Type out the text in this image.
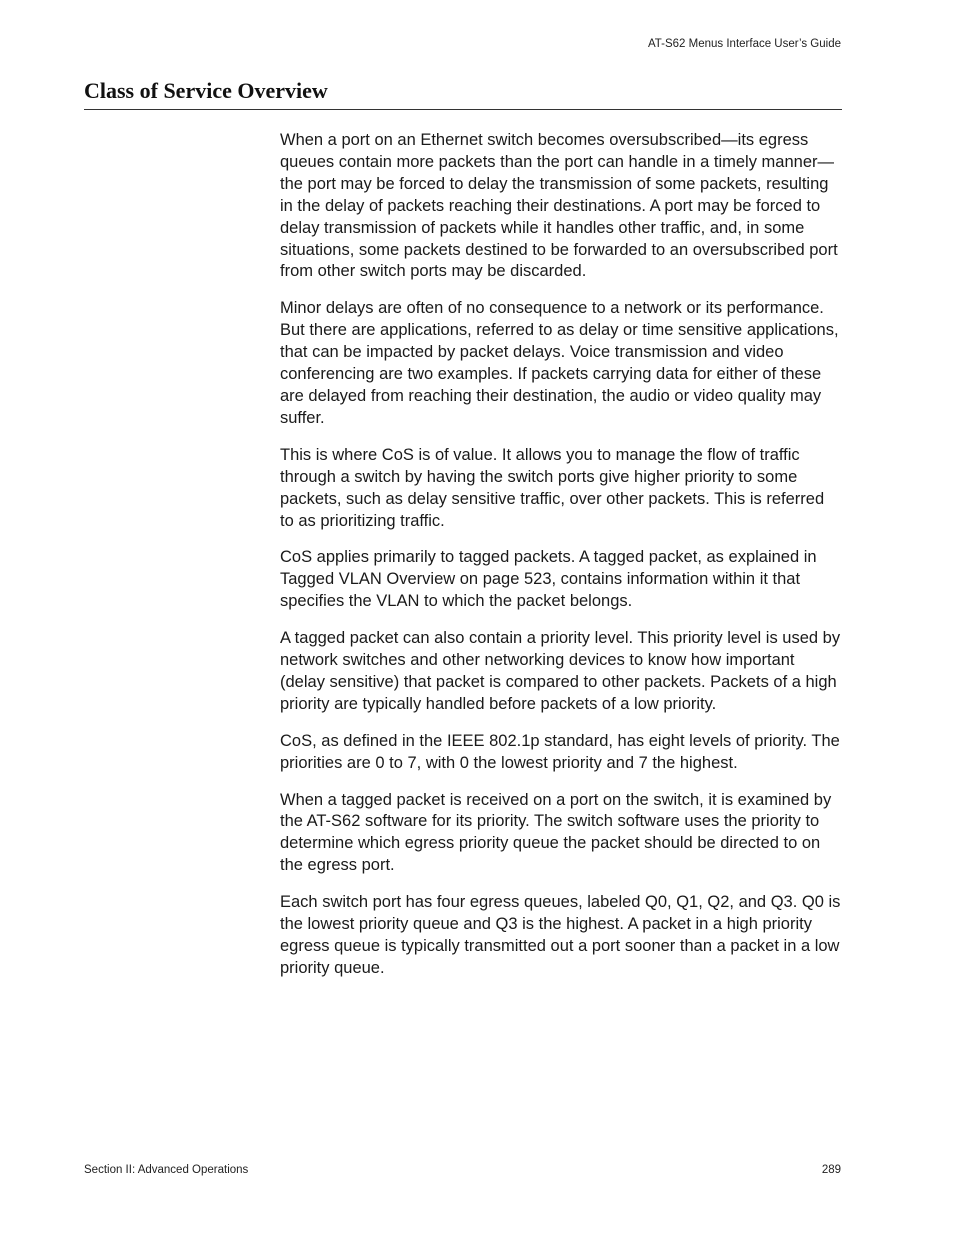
AT-S62 Menus Interface User’s Guide
Class of Service Overview

When a port on an Ethernet switch becomes oversubscribed—its egress queues contain more packets than the port can handle in a timely manner—the port may be forced to delay the transmission of some packets, resulting in the delay of packets reaching their destinations. A port may be forced to delay transmission of packets while it handles other traffic, and, in some situations, some packets destined to be forwarded to an oversubscribed port from other switch ports may be discarded.

Minor delays are often of no consequence to a network or its performance. But there are applications, referred to as delay or time sensitive applications, that can be impacted by packet delays. Voice transmission and video conferencing are two examples. If packets carrying data for either of these are delayed from reaching their destination, the audio or video quality may suffer.

This is where CoS is of value. It allows you to manage the flow of traffic through a switch by having the switch ports give higher priority to some packets, such as delay sensitive traffic, over other packets. This is referred to as prioritizing traffic.

CoS applies primarily to tagged packets. A tagged packet, as explained in Tagged VLAN Overview on page 523, contains information within it that specifies the VLAN to which the packet belongs.

A tagged packet can also contain a priority level. This priority level is used by network switches and other networking devices to know how important (delay sensitive) that packet is compared to other packets. Packets of a high priority are typically handled before packets of a low priority.

CoS, as defined in the IEEE 802.1p standard, has eight levels of priority. The priorities are 0 to 7, with 0 the lowest priority and 7 the highest.

When a tagged packet is received on a port on the switch, it is examined by the AT-S62 software for its priority. The switch software uses the priority to determine which egress priority queue the packet should be directed to on the egress port.

Each switch port has four egress queues, labeled Q0, Q1, Q2, and Q3. Q0 is the lowest priority queue and Q3 is the highest. A packet in a high priority egress queue is typically transmitted out a port sooner than a packet in a low priority queue.

Section II: Advanced Operations	289
